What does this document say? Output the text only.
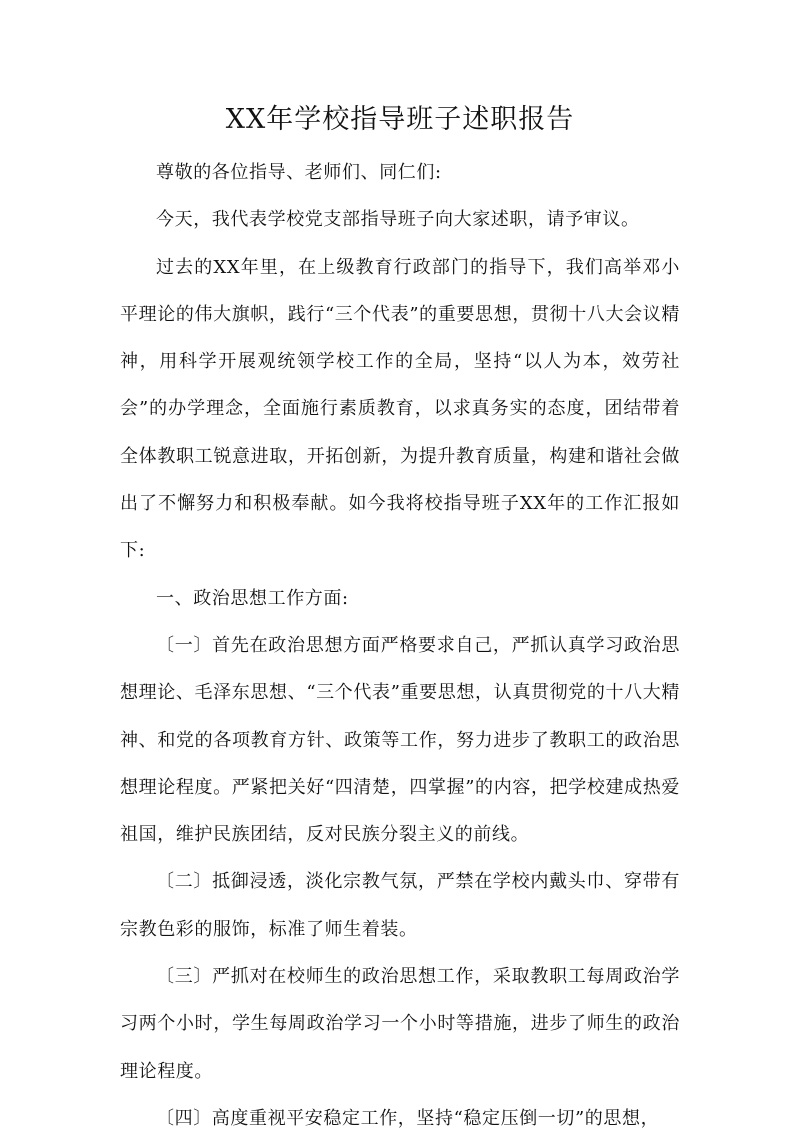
XX年学校指导班子述职报告

尊敬的各位指导、老师们、同仁们:

今天，我代表学校党支部指导班子向大家述职，请予审议。

过去的XX年里，在上级教育行政部门的指导下，我们高举邓小平理论的伟大旗帜，践行“三个代表”的重要思想，贯彻十八大会议精神，用科学开展观统领学校工作的全局，坚持“以人为本，效劳社会”的办学理念，全面施行素质教育，以求真务实的态度，团结带着全体教职工锐意进取，开拓创新，为提升教育质量，构建和谐社会做出了不懈努力和积极奉献。如今我将校指导班子XX年的工作汇报如下:

一、政治思想工作方面:

〔一〕首先在政治思想方面严格要求自己，严抓认真学习政治思想理论、毛泽东思想、“三个代表”重要思想，认真贯彻党的十八大精神、和党的各项教育方针、政策等工作，努力进步了教职工的政治思想理论程度。严紧把关好“四清楚，四掌握”的内容，把学校建成热爱祖国，维护民族团结，反对民族分裂主义的前线。

〔二〕抵御浸透，淡化宗教气氛，严禁在学校内戴头巾、穿带有宗教色彩的服饰，标准了师生着装。

〔三〕严抓对在校师生的政治思想工作，采取教职工每周政治学习两个小时，学生每周政治学习一个小时等措施，进步了师生的政治理论程度。

〔四〕高度重视平安稳定工作，坚持“稳定压倒一切”的思想，
